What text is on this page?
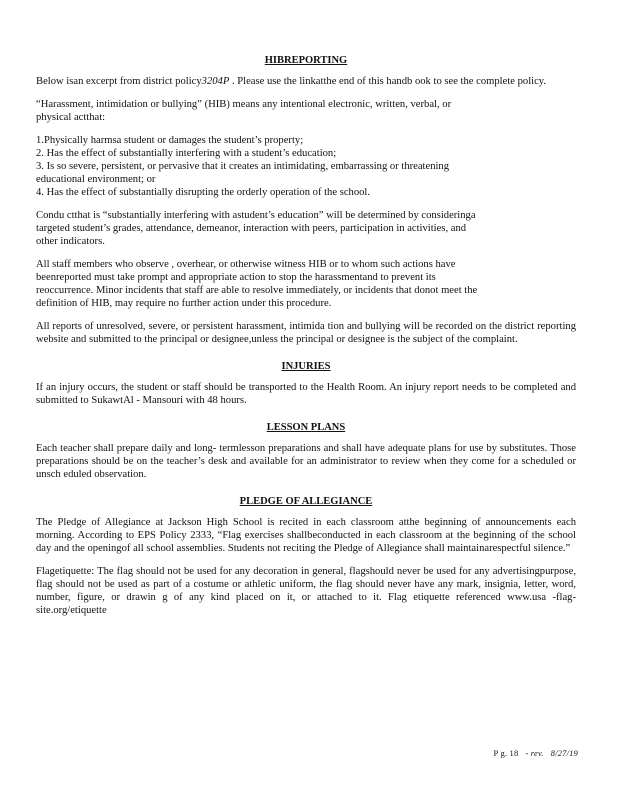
HIBREPORTING

Below isan excerpt from district policy3204P . Please use the linkatthe end of this handb ook to see the complete policy.

“Harassment, intimidation or bullying” (HIB) means any intentional electronic, written, verbal, or physical actthat:

1.Physically harmsa student or damages the student’s property;
2. Has the effect of substantially interfering with a student’s education;
3. Is so severe, persistent, or pervasive that it creates an intimidating, embarrassing or threatening educational environment; or
4. Has the effect of substantially disrupting the orderly operation of the school.

Condu ctthat is “substantially interfering with astudent’s education” will be determined by consideringa targeted student’s grades, attendance, demeanor, interaction with peers, participation in activities, and other indicators.

All staff members who observe , overhear, or otherwise witness HIB or to whom such actions have beenreported must take prompt and appropriate action to stop the harassmentand to prevent its reoccurrence. Minor incidents that staff are able to resolve immediately, or incidents that donot meet the definition of HIB, may require no further action under this procedure.

All reports of unresolved, severe, or persistent harassment, intimida tion and bullying will be recorded on the district reporting website and submitted to the principal or designee,unless the principal or designee is the subject of the complaint.

INJURIES

If an injury occurs, the student or staff should be transported to the Health Room. An injury report needs to be completed and submitted to SukawtAl - Mansouri with 48 hours.

LESSON PLANS

Each teacher shall prepare daily and long- termlesson preparations and shall have adequate plans for use by substitutes. Those preparations should be on the teacher’s desk and available for an administrator to review when they come for a scheduled or unsch eduled observation.

PLEDGE OF ALLEGIANCE

The Pledge of Allegiance at Jackson High School is recited in each classroom atthe beginning of announcements each morning. According to EPS Policy 2333, “Flag exercises shallbeconducted in each classroom at the beginning of the school day and the openingof all school assemblies. Students not reciting the Pledge of Allegiance shall maintainarespectful silence.”

Flagetiquette: The flag should not be used for any decoration in general, flagshould never be used for any advertisingpurpose, flag should not be used as part of a costume or athletic uniform, the flag should never have any mark, insignia, letter, word, number, figure, or drawin g of any kind placed on it, or attached to it. Flag etiquette referenced www.usa -flag-site.org/etiquette

P g. 18 - rev. 8/27/19
